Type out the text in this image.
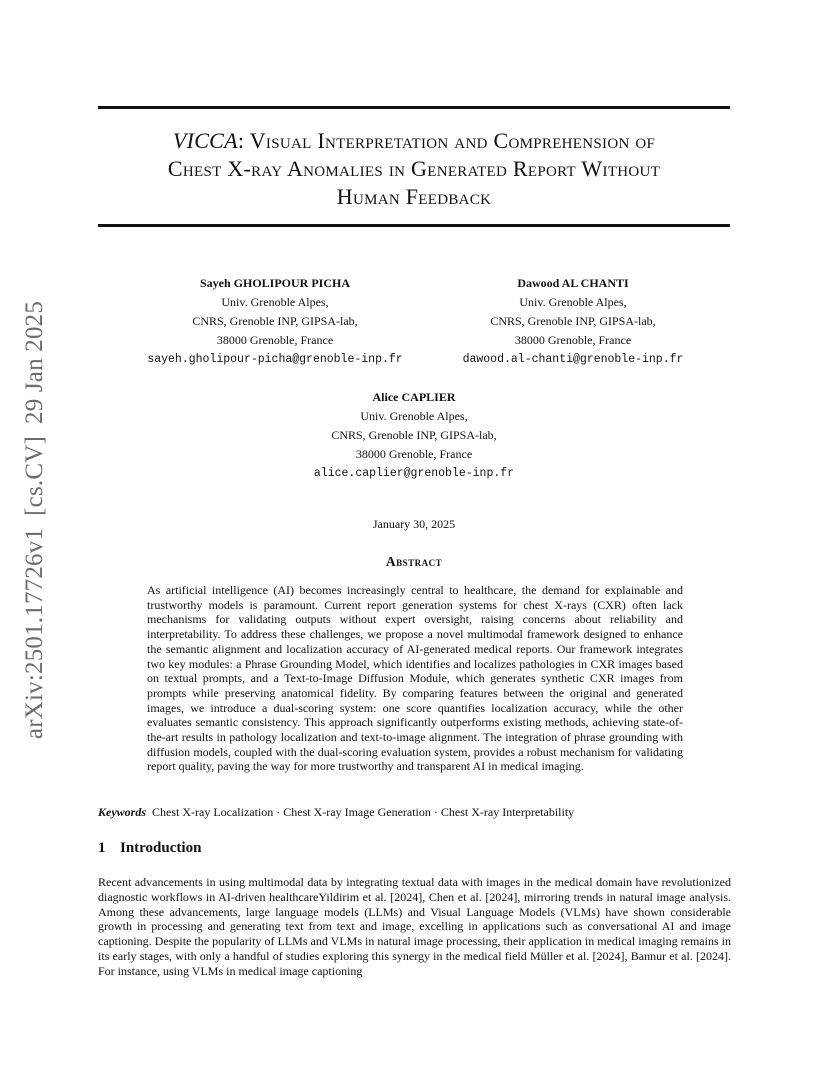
arXiv:2501.17726v1
[cs.CV]
29 Jan 2025
VICCA: Visual Interpretation and Comprehension of
Chest X-ray Anomalies in Generated Report Without
Human Feedback
Sayeh GHOLIPOUR PICHA
Univ. Grenoble Alpes,
CNRS, Grenoble INP, GIPSA-lab,
38000 Grenoble, France
sayeh.gholipour-picha@grenoble-inp.fr
Dawood AL CHANTI
Univ. Grenoble Alpes,
CNRS, Grenoble INP, GIPSA-lab,
38000 Grenoble, France
dawood.al-chanti@grenoble-inp.fr
Alice CAPLIER
Univ. Grenoble Alpes,
CNRS, Grenoble INP, GIPSA-lab,
38000 Grenoble, France
alice.caplier@grenoble-inp.fr
January 30, 2025
Abstract
As artificial intelligence (AI) becomes increasingly central to healthcare, the demand for explainable and trustworthy models is paramount. Current report generation systems for chest X-rays (CXR) often lack mechanisms for validating outputs without expert oversight, raising concerns about reliability and interpretability. To address these challenges, we propose a novel multimodal framework designed to enhance the semantic alignment and localization accuracy of AI-generated medical reports. Our framework integrates two key modules: a Phrase Grounding Model, which identifies and localizes pathologies in CXR images based on textual prompts, and a Text-to-Image Diffusion Module, which generates synthetic CXR images from prompts while preserving anatomical fidelity. By comparing features between the original and generated images, we introduce a dual-scoring system: one score quantifies localization accuracy, while the other evaluates semantic consistency. This approach significantly outperforms existing methods, achieving state-of-the-art results in pathology localization and text-to-image alignment. The integration of phrase grounding with diffusion models, coupled with the dual-scoring evaluation system, provides a robust mechanism for validating report quality, paving the way for more trustworthy and transparent AI in medical imaging.
Keywords Chest X-ray Localization · Chest X-ray Image Generation · Chest X-ray Interpretability
1 Introduction
Recent advancements in using multimodal data by integrating textual data with images in the medical domain have revolutionized diagnostic workflows in AI-driven healthcareYildirim et al. [2024], Chen et al. [2024], mirroring trends in natural image analysis. Among these advancements, large language models (LLMs) and Visual Language Models (VLMs) have shown considerable growth in processing and generating text from text and image, excelling in applications such as conversational AI and image captioning. Despite the popularity of LLMs and VLMs in natural image processing, their application in medical imaging remains in its early stages, with only a handful of studies exploring this synergy in the medical field Müller et al. [2024], Bannur et al. [2024]. For instance, using VLMs in medical image captioning
